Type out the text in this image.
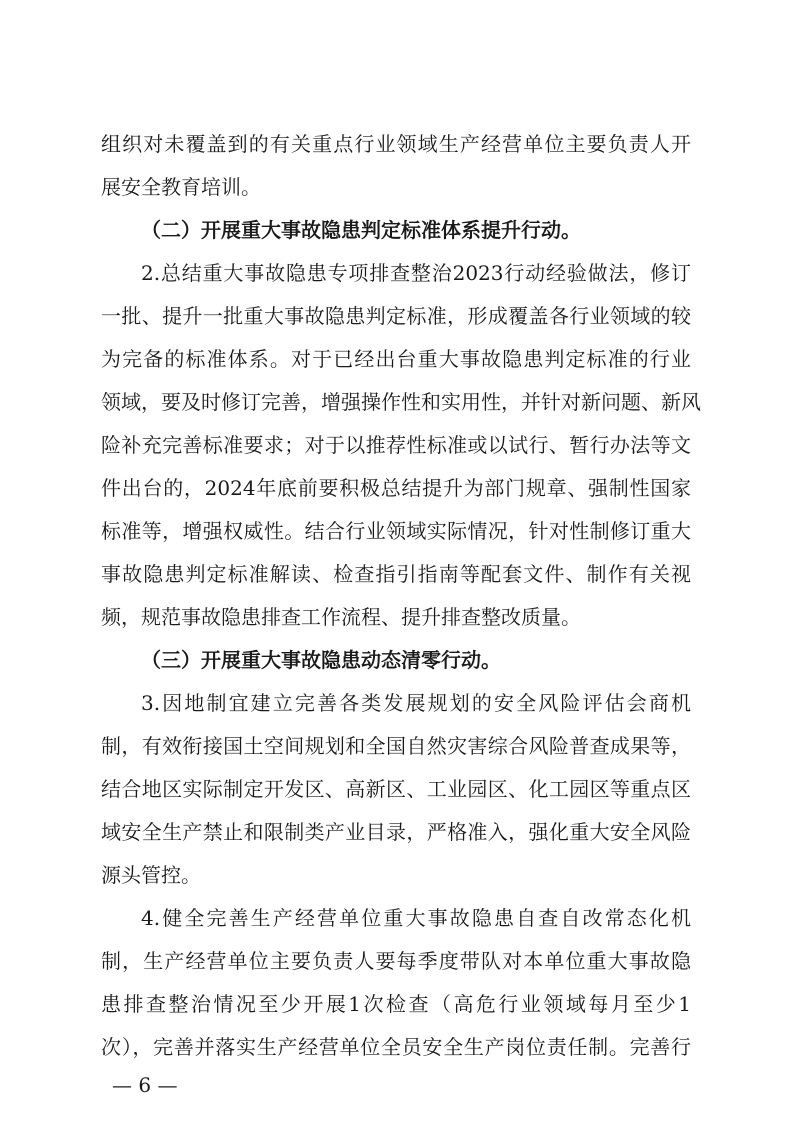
组织对未覆盖到的有关重点行业领域生产经营单位主要负责人开
展安全教育培训。
（二）开展重大事故隐患判定标准体系提升行动。
2.总结重大事故隐患专项排查整治2023行动经验做法，修订
一批、提升一批重大事故隐患判定标准，形成覆盖各行业领域的较
为完备的标准体系。对于已经出台重大事故隐患判定标准的行业
领域，要及时修订完善，增强操作性和实用性，并针对新问题、新风
险补充完善标准要求；对于以推荐性标准或以试行、暂行办法等文
件出台的，2024年底前要积极总结提升为部门规章、强制性国家
标准等，增强权威性。结合行业领域实际情况，针对性制修订重大
事故隐患判定标准解读、检查指引指南等配套文件、制作有关视
频，规范事故隐患排查工作流程、提升排查整改质量。
（三）开展重大事故隐患动态清零行动。
3.因地制宜建立完善各类发展规划的安全风险评估会商机
制，有效衔接国土空间规划和全国自然灾害综合风险普查成果等，
结合地区实际制定开发区、高新区、工业园区、化工园区等重点区
域安全生产禁止和限制类产业目录，严格准入，强化重大安全风险
源头管控。
4.健全完善生产经营单位重大事故隐患自查自改常态化机
制，生产经营单位主要负责人要每季度带队对本单位重大事故隐
患排查整治情况至少开展1次检查（高危行业领域每月至少1
次），完善并落实生产经营单位全员安全生产岗位责任制。完善行
— 6 —
